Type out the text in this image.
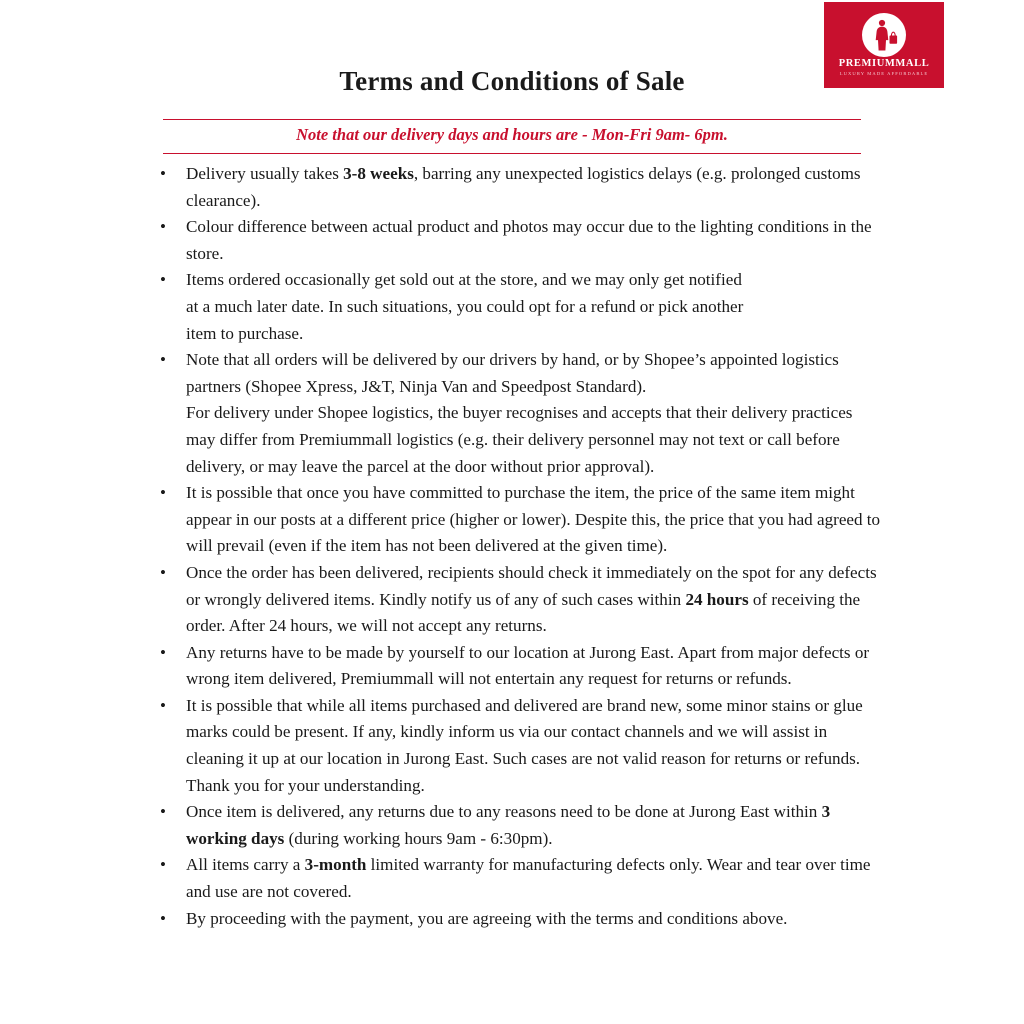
PREMIUMMALL
LUXURY MADE AFFORDABLE
Terms and Conditions of Sale
Note that our delivery days and hours are - Mon-Fri 9am- 6pm.
•	Delivery usually takes 3-8 weeks, barring any unexpected logistics delays (e.g. prolonged customs clearance).
•	Colour difference between actual product and photos may occur due to the lighting conditions in the store.
•	Items ordered occasionally get sold out at the store, and we may only get notified
at a much later date. In such situations, you could opt for a refund or pick another
item to purchase.
•	Note that all orders will be delivered by our drivers by hand, or by Shopee’s appointed logistics partners (Shopee Xpress, J&T, Ninja Van and Speedpost Standard).
For delivery under Shopee logistics, the buyer recognises and accepts that their delivery practices may differ from Premiummall logistics (e.g. their delivery personnel may not text or call before delivery, or may leave the parcel at the door without prior approval).
•	It is possible that once you have committed to purchase the item, the price of the same item might appear in our posts at a different price (higher or lower). Despite this, the price that you had agreed to will prevail (even if the item has not been delivered at the given time).
•	Once the order has been delivered, recipients should check it immediately on the spot for any defects or wrongly delivered items. Kindly notify us of any of such cases within 24 hours of receiving the order. After 24 hours, we will not accept any returns.
•	Any returns have to be made by yourself to our location at Jurong East. Apart from major defects or wrong item delivered, Premiummall will not entertain any request for returns or refunds.
•	It is possible that while all items purchased and delivered are brand new, some minor stains or glue marks could be present. If any, kindly inform us via our contact channels and we will assist in cleaning it up at our location in Jurong East. Such cases are not valid reason for returns or refunds. Thank you for your understanding.
•	Once item is delivered, any returns due to any reasons need to be done at Jurong East within 3 working days (during working hours 9am - 6:30pm).
•	All items carry a 3-month limited warranty for manufacturing defects only. Wear and tear over time and use are not covered.
•	By proceeding with the payment, you are agreeing with the terms and conditions above.
